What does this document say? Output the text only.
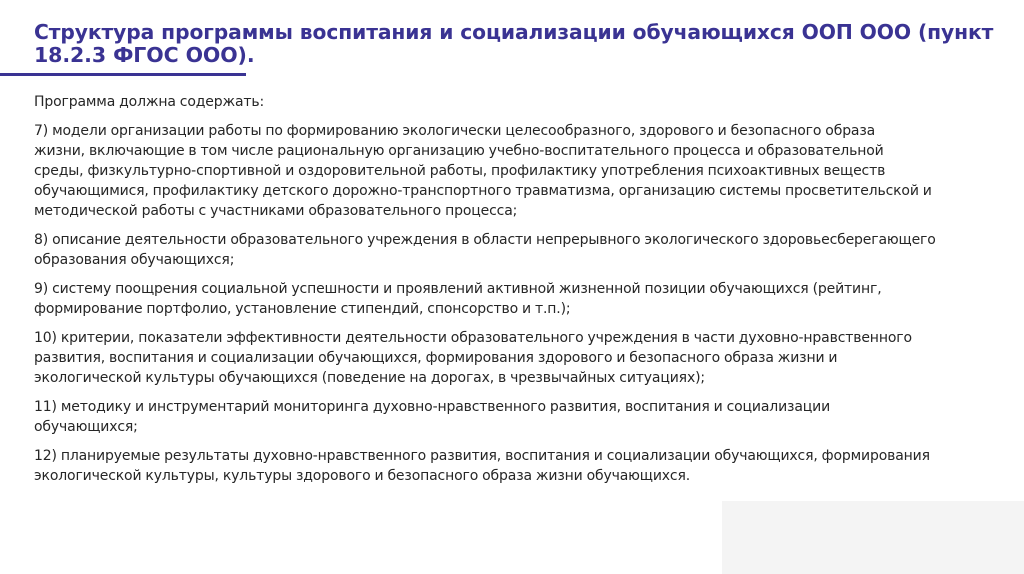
Структура программы воспитания и социализации обучающихся ООП ООО (пункт
18.2.3 ФГОС ООО).

Программа должна содержать:

7) модели организации работы по формированию экологически целесообразного, здорового и безопасного образа
жизни, включающие в том числе рациональную организацию учебно-воспитательного процесса и образовательной
среды, физкультурно-спортивной и оздоровительной работы, профилактику употребления психоактивных веществ
обучающимися, профилактику детского дорожно-транспортного травматизма, организацию системы просветительской и
методической работы с участниками образовательного процесса;

8) описание деятельности образовательного учреждения в области непрерывного экологического здоровьесберегающего
образования обучающихся;

9) систему поощрения социальной успешности и проявлений активной жизненной позиции обучающихся (рейтинг,
формирование портфолио, установление стипендий, спонсорство и т.п.);

10) критерии, показатели эффективности деятельности образовательного учреждения в части духовно-нравственного
развития, воспитания и социализации обучающихся, формирования здорового и безопасного образа жизни и
экологической культуры обучающихся (поведение на дорогах, в чрезвычайных ситуациях);

11) методику и инструментарий мониторинга духовно-нравственного развития, воспитания и социализации
обучающихся;

12) планируемые результаты духовно-нравственного развития, воспитания и социализации обучающихся, формирования
экологической культуры, культуры здорового и безопасного образа жизни обучающихся.
